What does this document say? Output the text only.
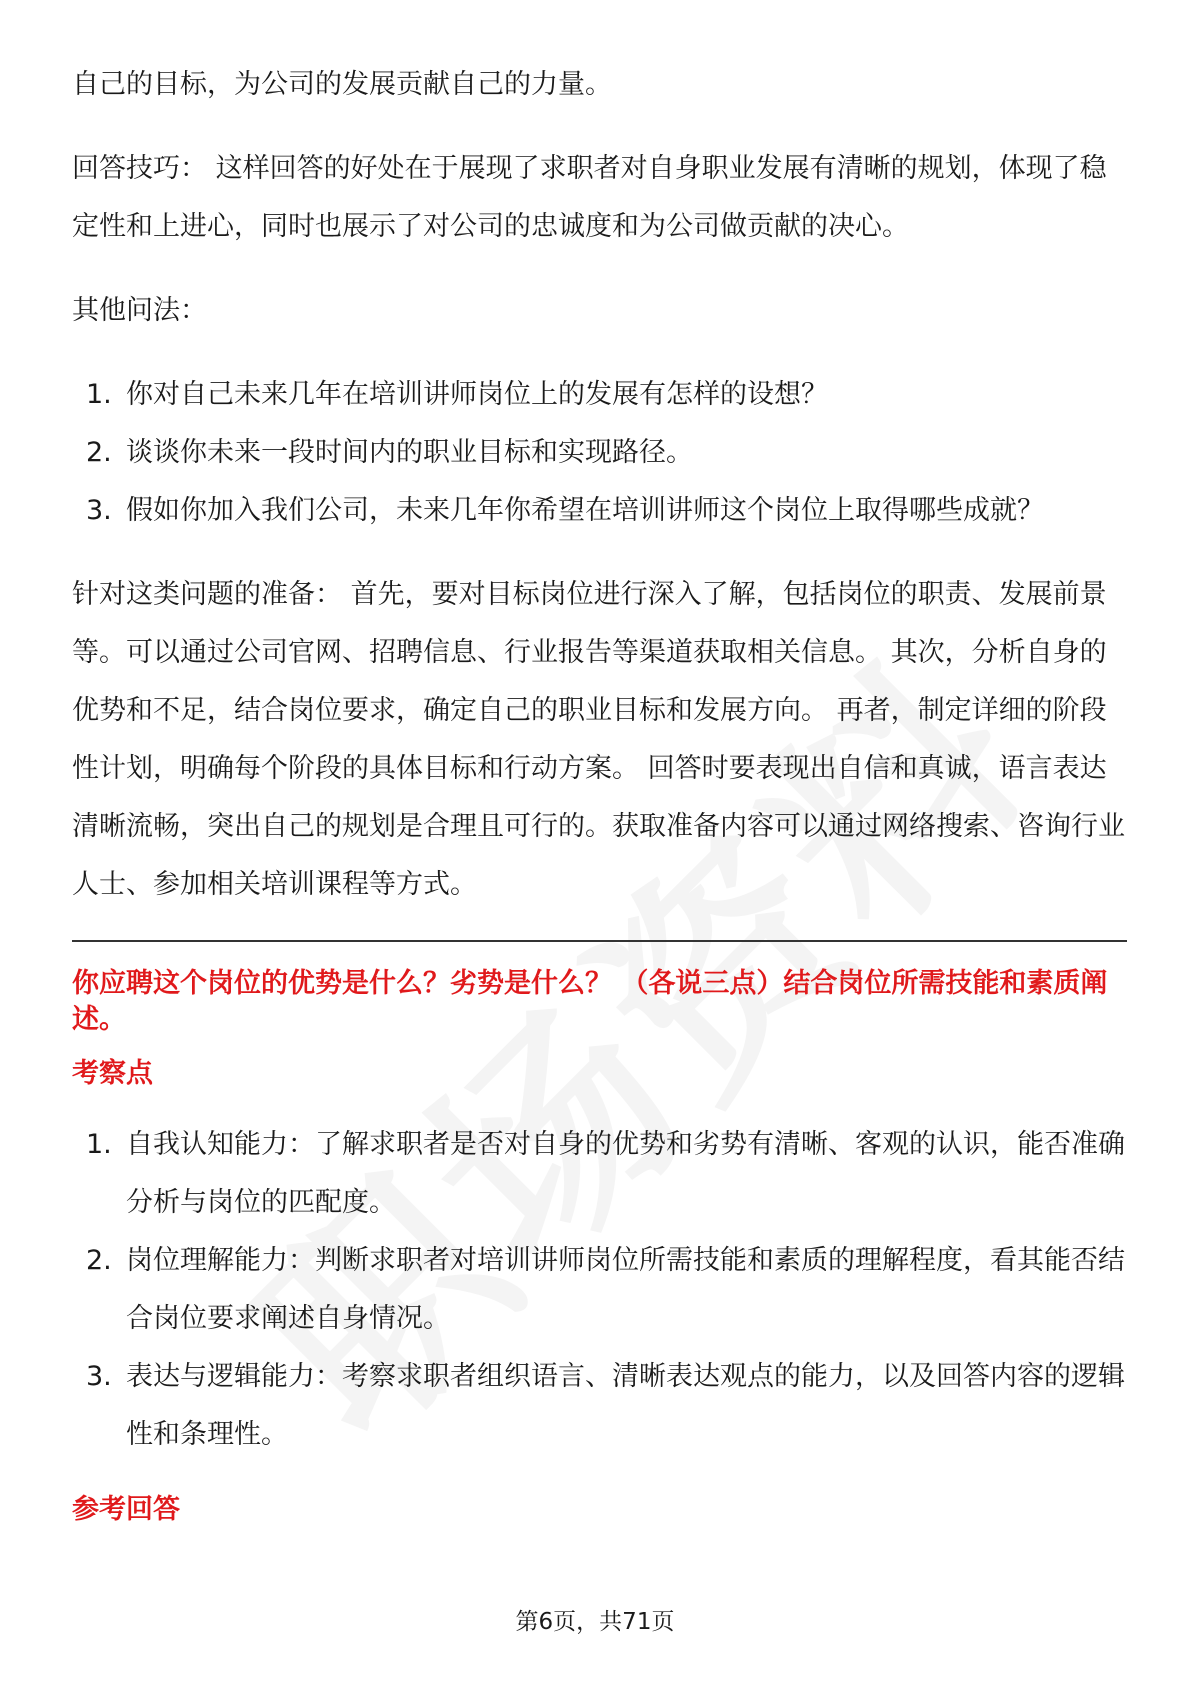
自己的目标，为公司的发展贡献自己的力量。

回答技巧： 这样回答的好处在于展现了求职者对自身职业发展有清晰的规划，体现了稳定性和上进心，同时也展示了对公司的忠诚度和为公司做贡献的决心。

其他问法：

1. 你对自己未来几年在培训讲师岗位上的发展有怎样的设想？
2. 谈谈你未来一段时间内的职业目标和实现路径。
3. 假如你加入我们公司，未来几年你希望在培训讲师这个岗位上取得哪些成就？

针对这类问题的准备： 首先，要对目标岗位进行深入了解，包括岗位的职责、发展前景等。可以通过公司官网、招聘信息、行业报告等渠道获取相关信息。 其次，分析自身的优势和不足，结合岗位要求，确定自己的职业目标和发展方向。 再者，制定详细的阶段性计划，明确每个阶段的具体目标和行动方案。 回答时要表现出自信和真诚，语言表达清晰流畅，突出自己的规划是合理且可行的。获取准备内容可以通过网络搜索、咨询行业人士、参加相关培训课程等方式。

你应聘这个岗位的优势是什么？劣势是什么？ （各说三点）结合岗位所需技能和素质阐述。
考察点
1. 自我认知能力：了解求职者是否对自身的优势和劣势有清晰、客观的认识，能否准确分析与岗位的匹配度。
2. 岗位理解能力：判断求职者对培训讲师岗位所需技能和素质的理解程度，看其能否结合岗位要求阐述自身情况。
3. 表达与逻辑能力：考察求职者组织语言、清晰表达观点的能力，以及回答内容的逻辑性和条理性。
参考回答
第6页，共71页
